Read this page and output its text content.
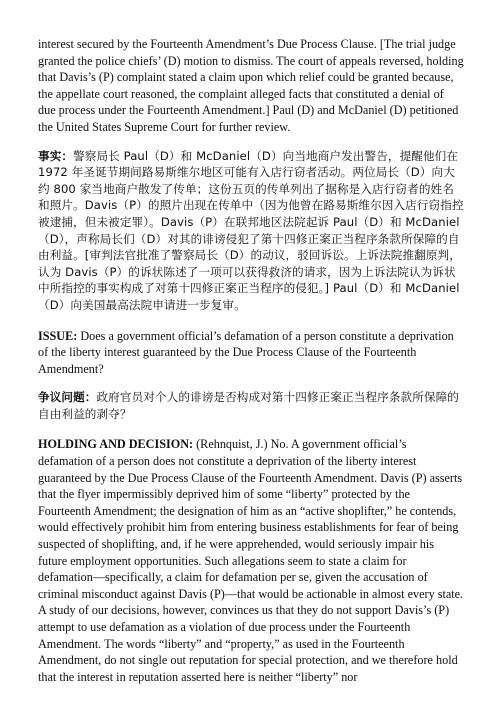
interest secured by the Fourteenth Amendment’s Due Process Clause. [The trial judge granted the police chiefs’ (D) motion to dismiss. The court of appeals reversed, holding that Davis’s (P) complaint stated a claim upon which relief could be granted because, the appellate court reasoned, the complaint alleged facts that constituted a denial of due process under the Fourteenth Amendment.] Paul (D) and McDaniel (D) petitioned the United States Supreme Court for further review.

事实：警察局长 Paul（D）和 McDaniel（D）向当地商户发出警告，提醒他们在 1972 年圣诞节期间路易斯维尔地区可能有入店行窃者活动。两位局长（D）向大约 800 家当地商户散发了传单；这份五页的传单列出了据称是入店行窃者的姓名和照片。Davis（P）的照片出现在传单中（因为他曾在路易斯维尔因入店行窃指控被逮捕，但未被定罪）。Davis（P）在联邦地区法院起诉 Paul（D）和 McDaniel（D），声称局长们（D）对其的诽谤侵犯了第十四修正案正当程序条款所保障的自由利益。[审判法官批准了警察局长（D）的动议，驳回诉讼。上诉法院推翻原判，认为 Davis（P）的诉状陈述了一项可以获得救济的请求，因为上诉法院认为诉状中所指控的事实构成了对第十四修正案正当程序的侵犯。] Paul（D）和 McDaniel（D）向美国最高法院申请进一步复审。

ISSUE: Does a government official’s defamation of a person constitute a deprivation of the liberty interest guaranteed by the Due Process Clause of the Fourteenth Amendment?

争议问题：政府官员对个人的诽谤是否构成对第十四修正案正当程序条款所保障的自由利益的剥夺？

HOLDING AND DECISION: (Rehnquist, J.) No. A government official’s defamation of a person does not constitute a deprivation of the liberty interest guaranteed by the Due Process Clause of the Fourteenth Amendment. Davis (P) asserts that the flyer impermissibly deprived him of some “liberty” protected by the Fourteenth Amendment; the designation of him as an “active shoplifter,” he contends, would effectively prohibit him from entering business establishments for fear of being suspected of shoplifting, and, if he were apprehended, would seriously impair his future employment opportunities. Such allegations seem to state a claim for defamation—specifically, a claim for defamation per se, given the accusation of criminal misconduct against Davis (P)—that would be actionable in almost every state. A study of our decisions, however, convinces us that they do not support Davis’s (P) attempt to use defamation as a violation of due process under the Fourteenth Amendment. The words “liberty” and “property,” as used in the Fourteenth Amendment, do not single out reputation for special protection, and we therefore hold that the interest in reputation asserted here is neither “liberty” nor
